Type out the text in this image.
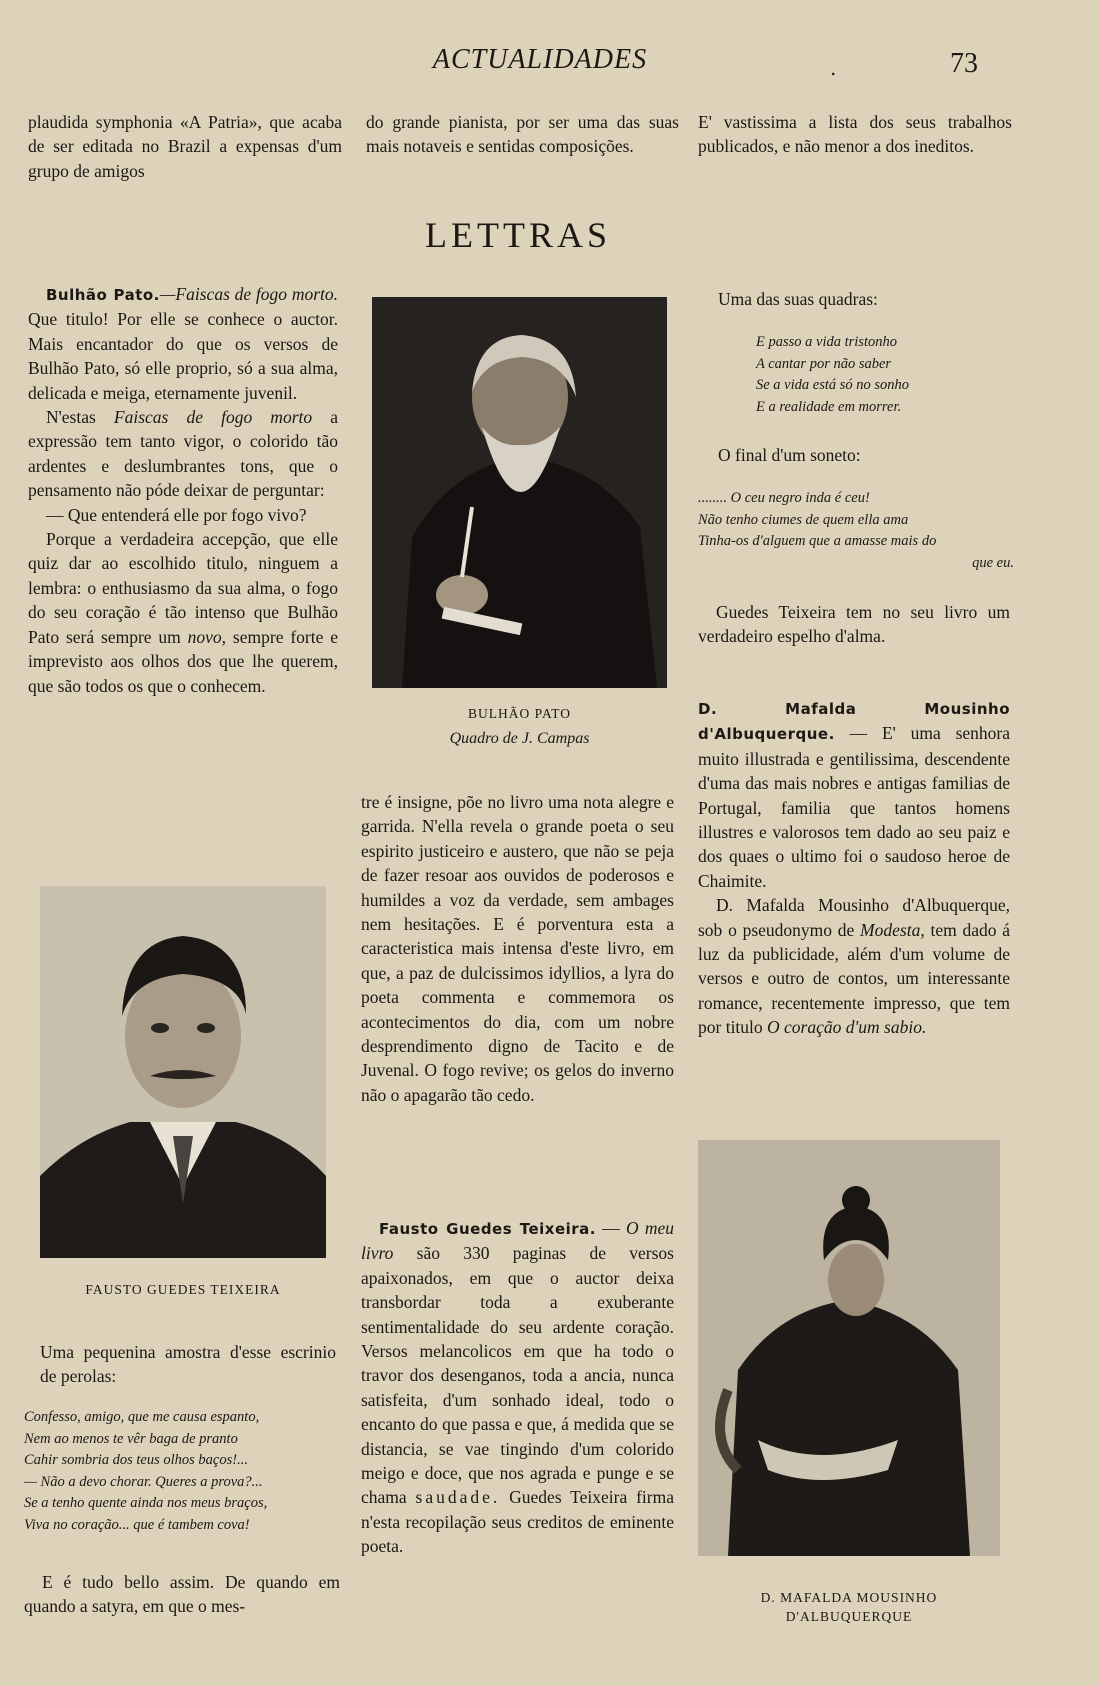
ACTUALIDADES	.	73
plaudida symphonia «A Patria», que acaba de ser editada no Brazil a expensas d'um grupo de amigos
do grande pianista, por ser uma das suas mais notaveis e sentidas composições.
E' vastissima a lista dos seus trabalhos publicados, e não menor a dos ineditos.
LETTRAS

Bulhão Pato.—Faiscas de fogo morto. Que titulo! Por elle se conhece o auctor. Mais encantador do que os versos de Bulhão Pato, só elle proprio, só a sua alma, delicada e meiga, eternamente juvenil.

N'estas Faiscas de fogo morto a expressão tem tanto vigor, o colorido tão ardentes e deslumbrantes tons, que o pensamento não póde deixar de perguntar:

— Que entenderá elle por fogo vivo?

Porque a verdadeira accepção, que elle quiz dar ao escolhido titulo, ninguem a lembra: o enthusiasmo da sua alma, o fogo do seu coração é tão intenso que Bulhão Pato será sempre um novo, sempre forte e imprevisto aos olhos dos que lhe querem, que são todos os que o conhecem.

FAUSTO GUEDES TEIXEIRA
Uma pequenina amostra d'esse escrinio de perolas:
Confesso, amigo, que me causa espanto,
Nem ao menos te vêr baga de pranto
Cahir sombria dos teus olhos baços!...
— Não a devo chorar. Queres a prova?...
Se a tenho quente ainda nos meus braços,
Viva no coração... que é tambem cova!
E é tudo bello assim. De quando em quando a satyra, em que o mes-
BULHÃO PATO
Quadro de J. Campas
tre é insigne, põe no livro uma nota alegre e garrida. N'ella revela o grande poeta o seu espirito justiceiro e austero, que não se peja de fazer resoar aos ouvidos de poderosos e humildes a voz da verdade, sem ambages nem hesitações. E é porventura esta a caracteristica mais intensa d'este livro, em que, a paz de dulcissimos idyllios, a lyra do poeta commenta e commemora os acontecimentos do dia, com um nobre desprendimento digno de Tacito e de Juvenal. O fogo revive; os gelos do inverno não o apagarão tão cedo.

Fausto Guedes Teixeira. — O meu livro são 330 paginas de versos apaixonados, em que o auctor deixa transbordar toda a exuberante sentimentalidade do seu ardente coração. Versos melancolicos em que ha todo o travor dos desenganos, toda a ancia, nunca satisfeita, d'um sonhado ideal, todo o encanto do que passa e que, á medida que se distancia, se vae tingindo d'um colorido meigo e doce, que nos agrada e punge e se chama saudade. Guedes Teixeira firma n'esta recopilação seus creditos de eminente poeta.

Uma das suas quadras:
E passo a vida tristonho
A cantar por não saber
Se a vida está só no sonho
E a realidade em morrer.
O final d'um soneto:
........ O ceu negro inda é ceu!
Não tenho ciumes de quem ella ama
Tinha-os d'alguem que a amasse mais do
que eu.
Guedes Teixeira tem no seu livro um verdadeiro espelho d'alma.

D. Mafalda Mousinho d'Albuquerque. — E' uma senhora muito illustrada e gentilissima, descendente d'uma das mais nobres e antigas familias de Portugal, familia que tantos homens illustres e valorosos tem dado ao seu paiz e dos quaes o ultimo foi o saudoso heroe de Chaimite.

D. Mafalda Mousinho d'Albuquerque, sob o pseudonymo de Modesta, tem dado á luz da publicidade, além d'um volume de versos e outro de contos, um interessante romance, recentemente impresso, que tem por titulo O coração d'um sabio.

D. MAFALDA MOUSINHO
D'ALBUQUERQUE
